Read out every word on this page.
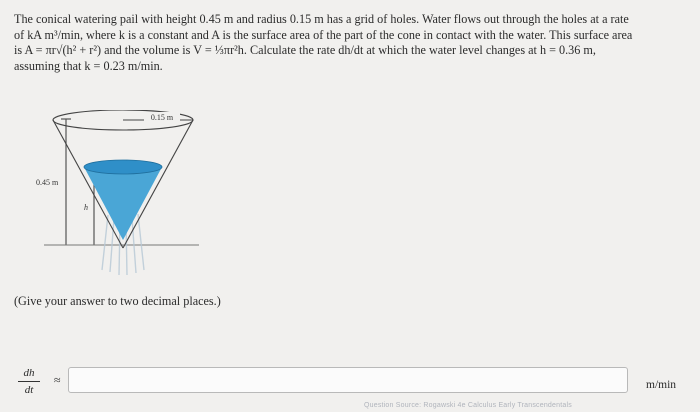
The conical watering pail with height 0.45 m and radius 0.15 m has a grid of holes. Water flows out through the holes at a rate

of kA m³/min, where k is a constant and A is the surface area of the part of the cone in contact with the water. This surface area

is A = πr√(h² + r²) and the volume is V = ⅓πr²h. Calculate the rate dh/dt at which the water level changes at h = 0.36 m,

assuming that k = 0.23 m/min.

0.15 m
0.45 m
h
(Give your answer to two decimal places.)
dh
dt
≈	m/min
Question Source: Rogawski 4e Calculus Early Transcendentals
